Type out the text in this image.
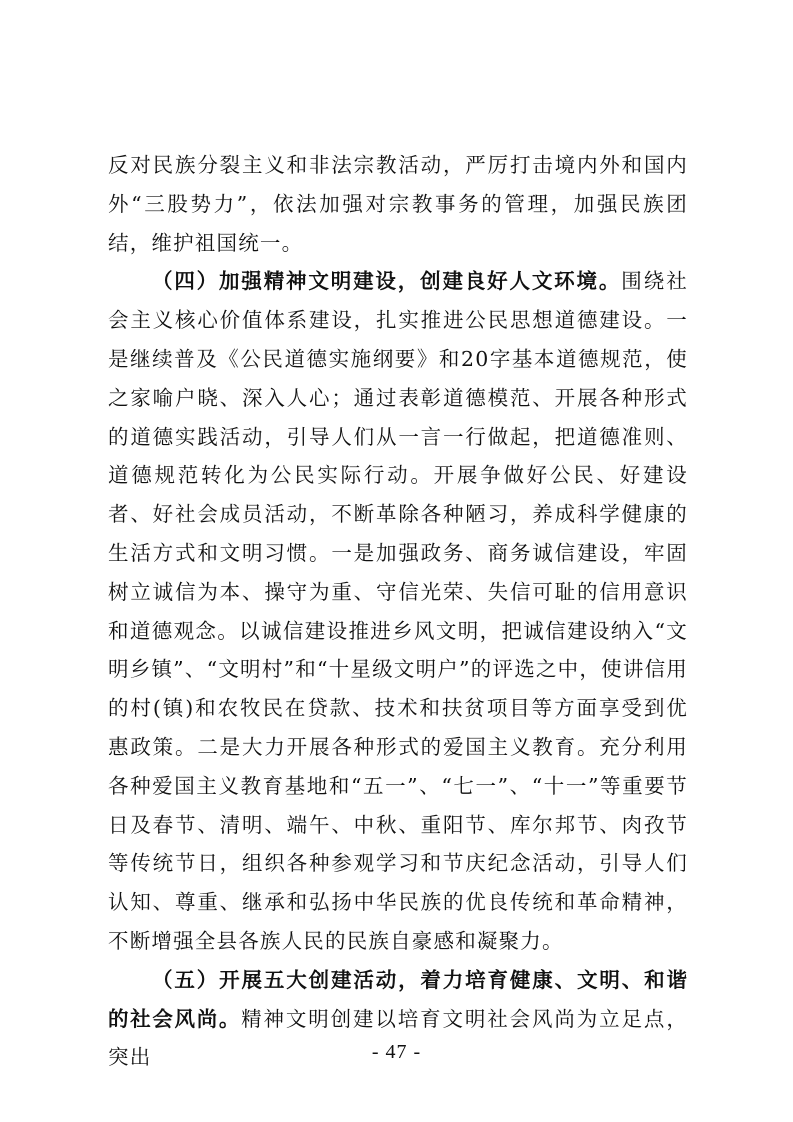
反对民族分裂主义和非法宗教活动，严厉打击境内外和国内外“三股势力”，依法加强对宗教事务的管理，加强民族团结，维护祖国统一。

（四）加强精神文明建设，创建良好人文环境。围绕社会主义核心价值体系建设，扎实推进公民思想道德建设。一是继续普及《公民道德实施纲要》和20字基本道德规范，使之家喻户晓、深入人心；通过表彰道德模范、开展各种形式的道德实践活动，引导人们从一言一行做起，把道德准则、道德规范转化为公民实际行动。开展争做好公民、好建设者、好社会成员活动，不断革除各种陋习，养成科学健康的生活方式和文明习惯。一是加强政务、商务诚信建设，牢固树立诚信为本、操守为重、守信光荣、失信可耻的信用意识和道德观念。以诚信建设推进乡风文明，把诚信建设纳入“文明乡镇”、“文明村”和“十星级文明户”的评选之中，使讲信用的村(镇)和农牧民在贷款、技术和扶贫项目等方面享受到优惠政策。二是大力开展各种形式的爱国主义教育。充分利用各种爱国主义教育基地和“五一”、“七一”、“十一”等重要节日及春节、清明、端午、中秋、重阳节、库尔邦节、肉孜节等传统节日，组织各种参观学习和节庆纪念活动，引导人们认知、尊重、继承和弘扬中华民族的优良传统和革命精神，不断增强全县各族人民的民族自豪感和凝聚力。

（五）开展五大创建活动，着力培育健康、文明、和谐的社会风尚。精神文明创建以培育文明社会风尚为立足点，突出	- 47 -
